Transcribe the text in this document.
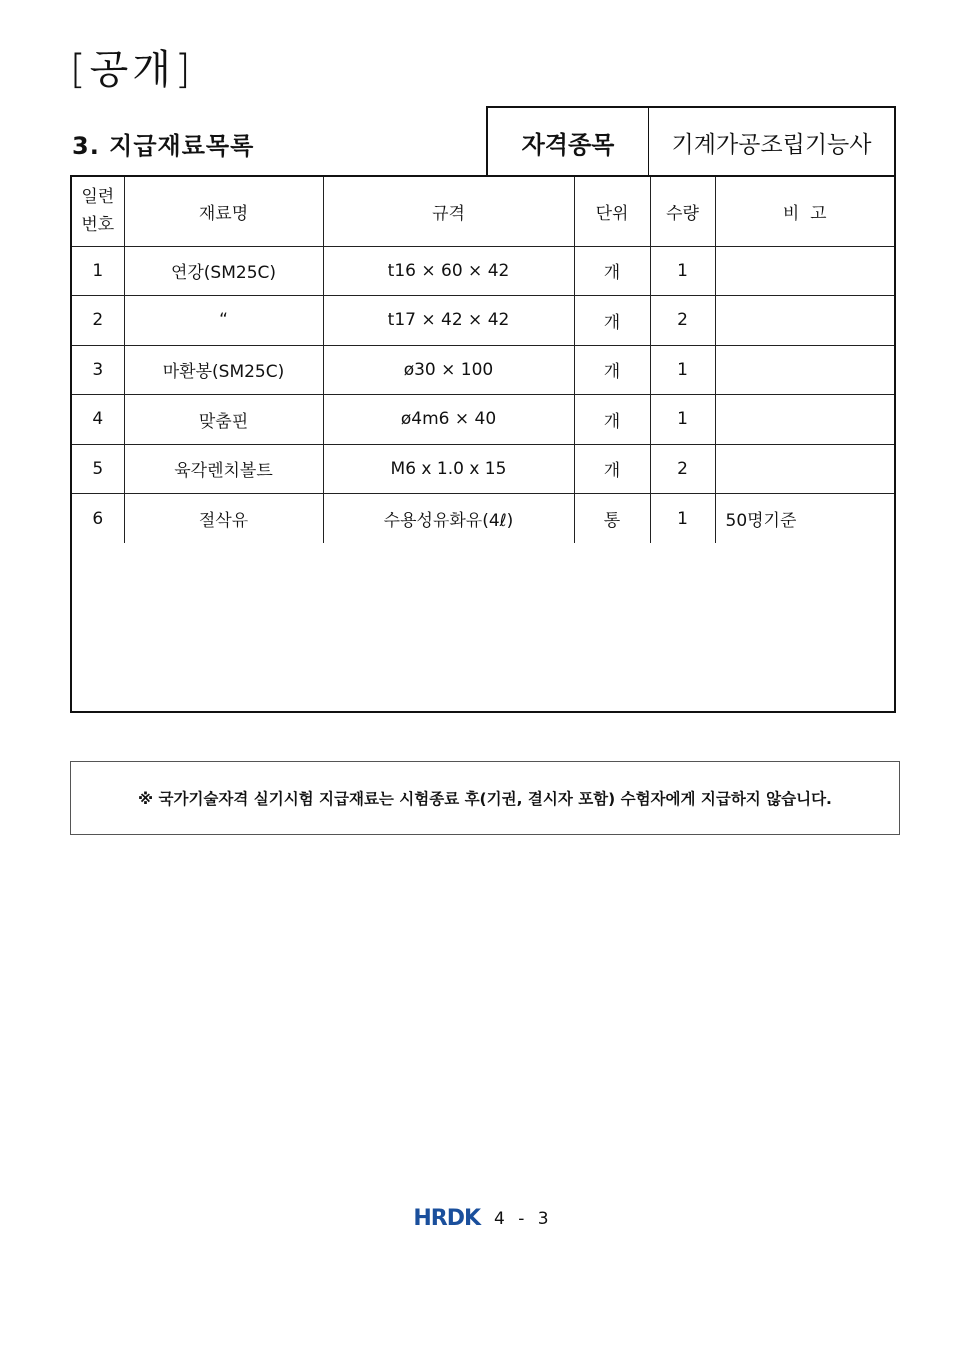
[공개]
3. 지급재료목록	자격종목	기계가공조립기능사
일련
번호	재료명	규격	단위	수량	비  고
1	연강(SM25C)	t16 × 60 × 42	개	1	
2	“	t17 × 42 × 42	개	2	
3	마환봉(SM25C)	ø30 × 100	개	1	
4	맞춤핀	ø4m6 × 40	개	1	
5	육각렌치볼트	M6 x 1.0 x 15	개	2	
6	절삭유	수용성유화유(4ℓ)	통	1	50명기준
※ 국가기술자격 실기시험 지급재료는 시험종료 후(기권, 결시자 포함) 수험자에게 지급하지 않습니다.
HRDK 4 - 3
